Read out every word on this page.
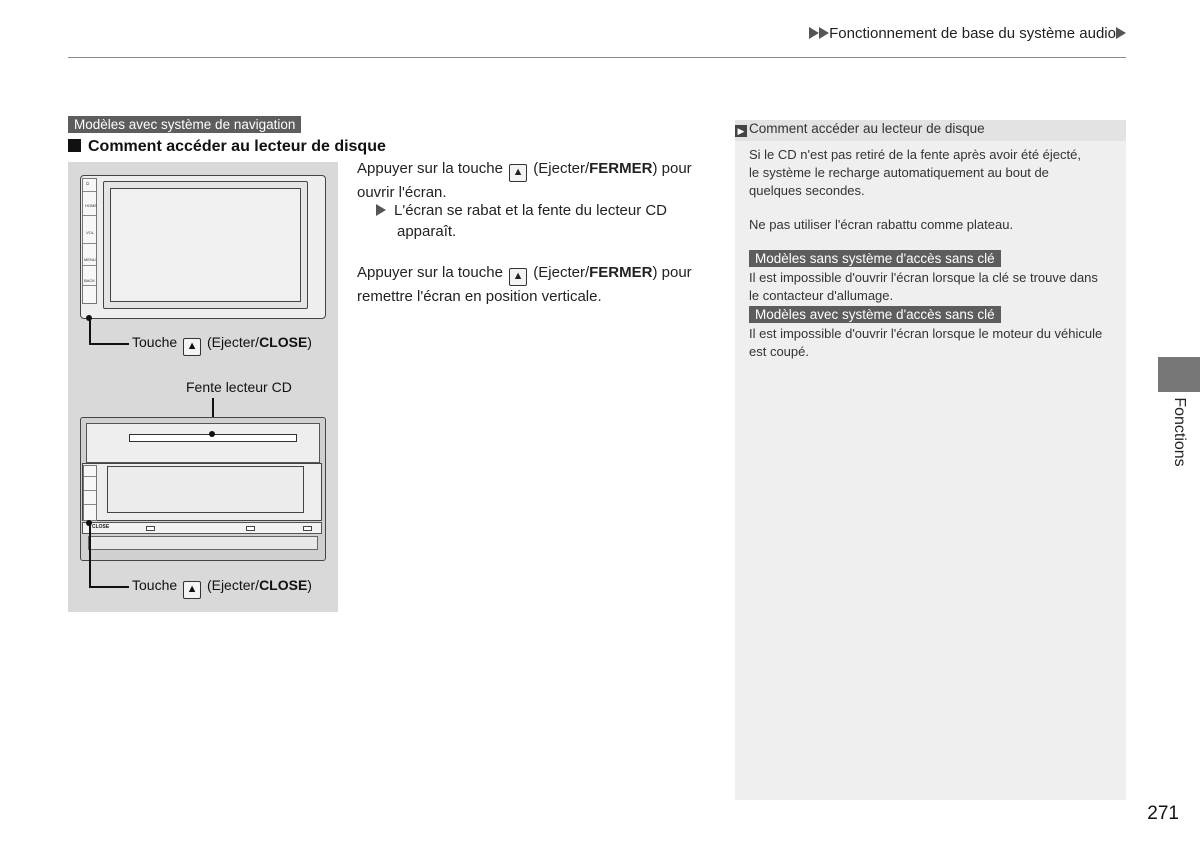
Fonctionnement de base du système audio
Modèles avec système de navigation
Comment accéder au lecteur de disque
⏻
HOME
VOL
MENU
BACK
Touche ▲ (Ejecter/CLOSE)
Fente lecteur CD
CLOSE
Touche ▲ (Ejecter/CLOSE)
Appuyer sur la touche ▲ (Ejecter/FERMER) pour
ouvrir l'écran.
L'écran se rabat et la fente du lecteur CD
apparaît.
Appuyer sur la touche ▲ (Ejecter/FERMER) pour
remettre l'écran en position verticale.
▶ Comment accéder au lecteur de disque
Si le CD n'est pas retiré de la fente après avoir été éjecté,
le système le recharge automatiquement au bout de
quelques secondes.
Ne pas utiliser l'écran rabattu comme plateau.
Modèles sans système d'accès sans clé
Il est impossible d'ouvrir l'écran lorsque la clé se trouve dans
le contacteur d'allumage.
Modèles avec système d'accès sans clé
Il est impossible d'ouvrir l'écran lorsque le moteur du véhicule
est coupé.
Fonctions
271
